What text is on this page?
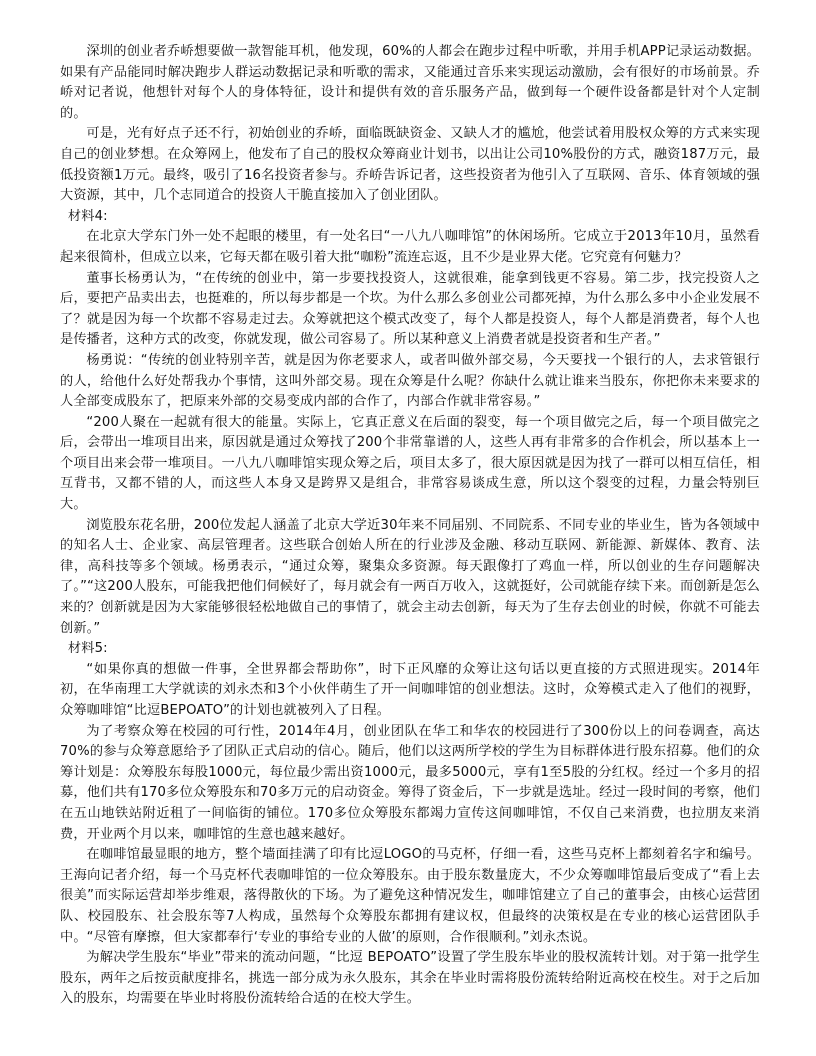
深圳的创业者乔峤想要做一款智能耳机，他发现，60%的人都会在跑步过程中听歌，并用手机APP记录运动数据。如果有产品能同时解决跑步人群运动数据记录和听歌的需求，又能通过音乐来实现运动激励，会有很好的市场前景。乔峤对记者说，他想针对每个人的身体特征，设计和提供有效的音乐服务产品，做到每一个硬件设备都是针对个人定制的。

可是，光有好点子还不行，初始创业的乔峤，面临既缺资金、又缺人才的尴尬，他尝试着用股权众筹的方式来实现自己的创业梦想。在众筹网上，他发布了自己的股权众筹商业计划书，以出让公司10%股份的方式，融资187万元，最低投资额1万元。最终，吸引了16名投资者参与。乔峤告诉记者，这些投资者为他引入了互联网、音乐、体育领域的强大资源，其中，几个志同道合的投资人干脆直接加入了创业团队。

材料4:

在北京大学东门外一处不起眼的楼里，有一处名曰“一八九八咖啡馆”的休闲场所。它成立于2013年10月，虽然看起来很简朴，但成立以来，它每天都在吸引着大批“咖粉”流连忘返，且不少是业界大佬。它究竟有何魅力？

董事长杨勇认为，“在传统的创业中，第一步要找投资人，这就很难，能拿到钱更不容易。第二步，找完投资人之后，要把产品卖出去，也挺难的，所以每步都是一个坎。为什么那么多创业公司都死掉，为什么那么多中小企业发展不了？就是因为每一个坎都不容易走过去。众筹就把这个模式改变了，每个人都是投资人，每个人都是消费者，每个人也是传播者，这种方式的改变，你就发现，做公司容易了。所以某种意义上消费者就是投资者和生产者。”

杨勇说：“传统的创业特别辛苦，就是因为你老要求人，或者叫做外部交易，今天要找一个银行的人，去求管银行的人，给他什么好处帮我办个事情，这叫外部交易。现在众筹是什么呢？你缺什么就让谁来当股东，你把你未来要求的人全部变成股东了，把原来外部的交易变成内部的合作了，内部合作就非常容易。”

“200人聚在一起就有很大的能量。实际上，它真正意义在后面的裂变，每一个项目做完之后，每一个项目做完之后，会带出一堆项目出来，原因就是通过众筹找了200个非常靠谱的人，这些人再有非常多的合作机会，所以基本上一个项目出来会带一堆项目。一八九八咖啡馆实现众筹之后，项目太多了，很大原因就是因为找了一群可以相互信任，相互背书，又都不错的人，而这些人本身又是跨界又是组合，非常容易谈成生意，所以这个裂变的过程，力量会特别巨大。

浏览股东花名册，200位发起人涵盖了北京大学近30年来不同届别、不同院系、不同专业的毕业生，皆为各领域中的知名人士、企业家、高层管理者。这些联合创始人所在的行业涉及金融、移动互联网、新能源、新媒体、教育、法律，高科技等多个领域。杨勇表示，“通过众筹，聚集众多资源。每天跟像打了鸡血一样，所以创业的生存问题解决了。”“这200人股东，可能我把他们伺候好了，每月就会有一两百万收入，这就挺好，公司就能存续下来。而创新是怎么来的？创新就是因为大家能够很轻松地做自己的事情了，就会主动去创新，每天为了生存去创业的时候，你就不可能去创新。”

材料5:

“如果你真的想做一件事，全世界都会帮助你”，时下正风靡的众筹让这句话以更直接的方式照进现实。2014年初，在华南理工大学就读的刘永杰和3个小伙伴萌生了开一间咖啡馆的创业想法。这时，众筹模式走入了他们的视野，众筹咖啡馆“比逗BEPOATO”的计划也就被列入了日程。

为了考察众筹在校园的可行性，2014年4月，创业团队在华工和华农的校园进行了300份以上的问卷调查，高达70%的参与众筹意愿给予了团队正式启动的信心。随后，他们以这两所学校的学生为目标群体进行股东招募。他们的众筹计划是：众筹股东每股1000元，每位最少需出资1000元，最多5000元，享有1至5股的分红权。经过一个多月的招募，他们共有170多位众筹股东和70多万元的启动资金。筹得了资金后，下一步就是选址。经过一段时间的考察，他们在五山地铁站附近租了一间临街的铺位。170多位众筹股东都竭力宣传这间咖啡馆，不仅自己来消费，也拉朋友来消费，开业两个月以来，咖啡馆的生意也越来越好。

在咖啡馆最显眼的地方，整个墙面挂满了印有比逗LOGO的马克杯，仔细一看，这些马克杯上都刻着名字和编号。王海向记者介绍，每一个马克杯代表咖啡馆的一位众筹股东。由于股东数量庞大，不少众筹咖啡馆最后变成了“看上去很美”而实际运营却举步维艰，落得散伙的下场。为了避免这种情况发生，咖啡馆建立了自己的董事会，由核心运营团队、校园股东、社会股东等7人构成，虽然每个众筹股东都拥有建议权，但最终的决策权是在专业的核心运营团队手中。“尽管有摩擦，但大家都奉行‘专业的事给专业的人做’的原则，合作很顺利。”刘永杰说。

为解决学生股东“毕业”带来的流动问题，“比逗 BEPOATO”设置了学生股东毕业的股权流转计划。对于第一批学生股东，两年之后按贡献度排名，挑选一部分成为永久股东，其余在毕业时需将股份流转给附近高校在校生。对于之后加入的股东，均需要在毕业时将股份流转给合适的在校大学生。
